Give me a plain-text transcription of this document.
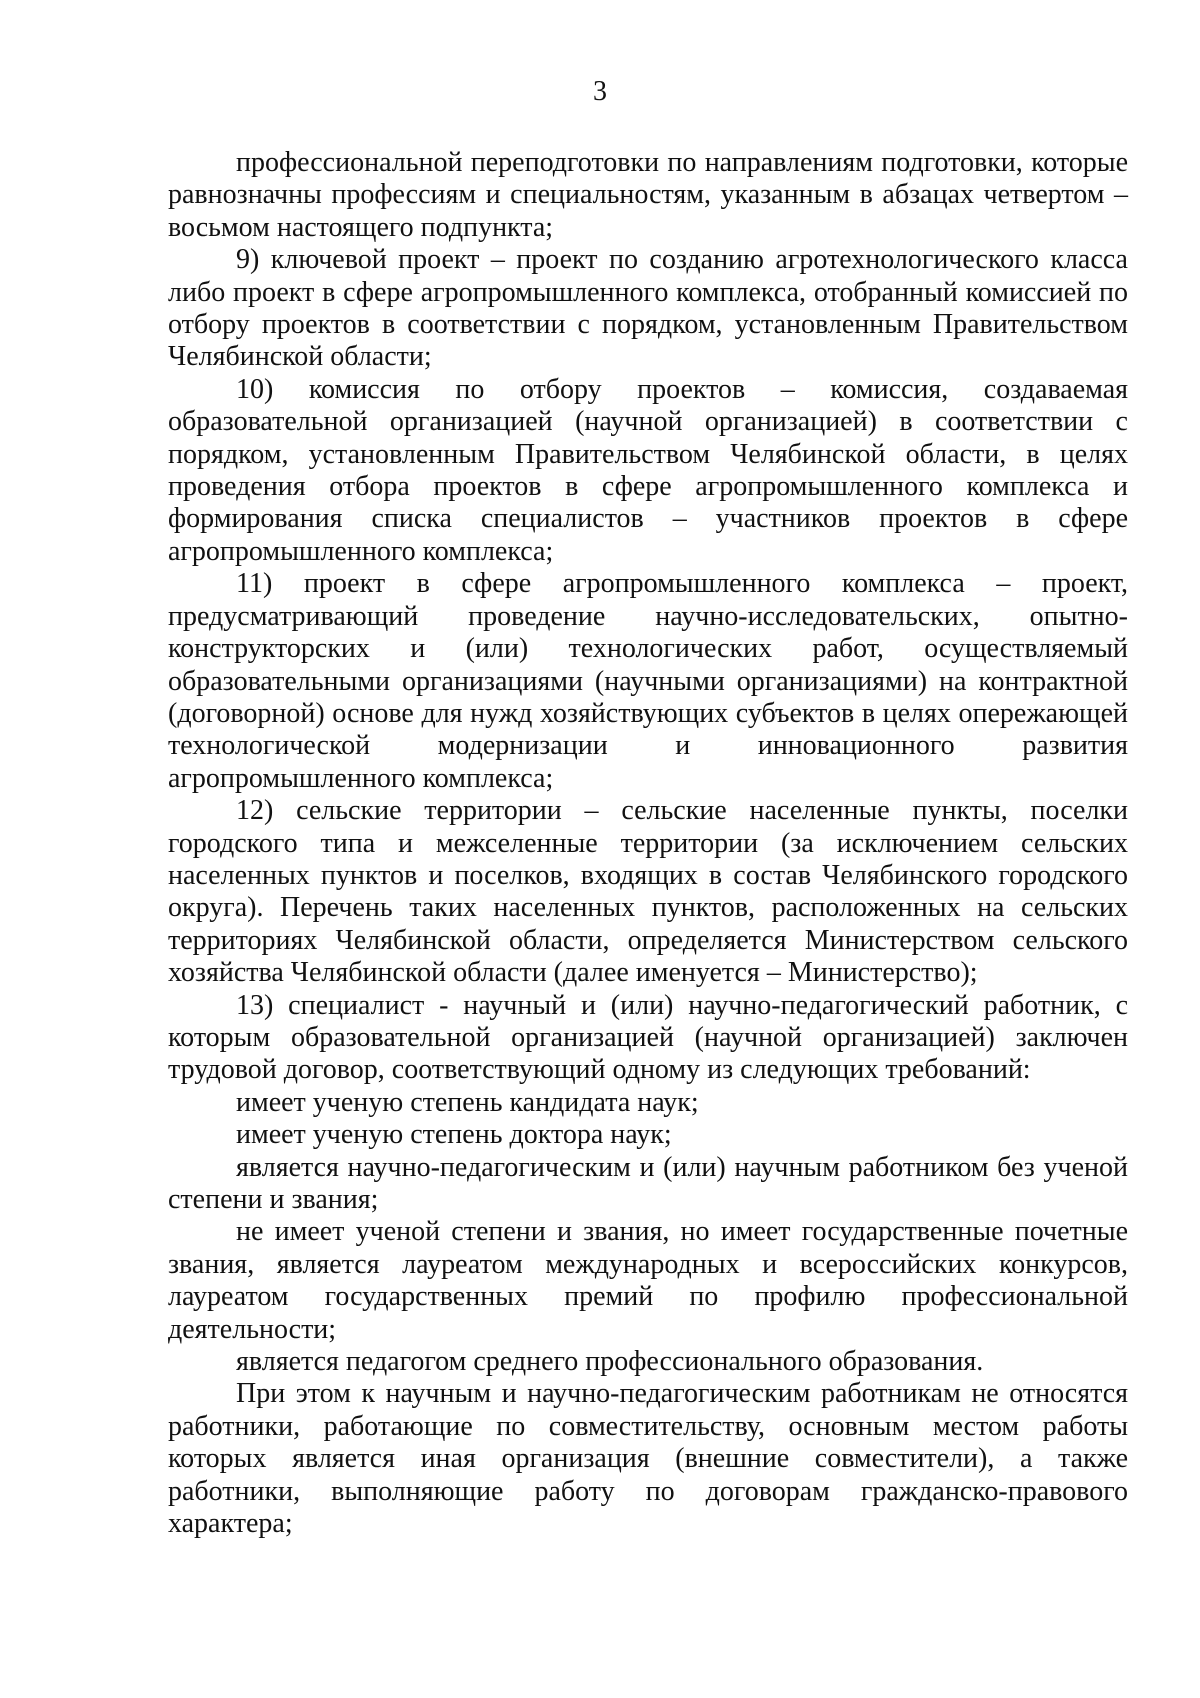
3

профессиональной переподготовки по направлениям подготовки, которые равнозначны профессиям и специальностям, указанным в абзацах четвертом – восьмом настоящего подпункта;

9) ключевой проект – проект по созданию агротехнологического класса либо проект в сфере агропромышленного комплекса, отобранный комиссией по отбору проектов в соответствии с порядком, установленным Правительством Челябинской области;

10) комиссия по отбору проектов – комиссия, создаваемая образовательной организацией (научной организацией) в соответствии с порядком, установленным Правительством Челябинской области, в целях проведения отбора проектов в сфере агропромышленного комплекса и формирования списка специалистов – участников проектов в сфере агропромышленного комплекса;

11) проект в сфере агропромышленного комплекса – проект, предусматривающий проведение научно-исследовательских, опытно-конструкторских и (или) технологических работ, осуществляемый образовательными организациями (научными организациями) на контрактной (договорной) основе для нужд хозяйствующих субъектов в целях опережающей технологической модернизации и инновационного развития агропромышленного комплекса;

12) сельские территории – сельские населенные пункты, поселки городского типа и межселенные территории (за исключением сельских населенных пунктов и поселков, входящих в состав Челябинского городского округа). Перечень таких населенных пунктов, расположенных на сельских территориях Челябинской области, определяется Министерством сельского хозяйства Челябинской области (далее именуется – Министерство);

13) специалист - научный и (или) научно-педагогический работник, с которым образовательной организацией (научной организацией) заключен трудовой договор, соответствующий одному из следующих требований:

имеет ученую степень кандидата наук;

имеет ученую степень доктора наук;

является научно-педагогическим и (или) научным работником без ученой степени и звания;

не имеет ученой степени и звания, но имеет государственные почетные звания, является лауреатом международных и всероссийских конкурсов, лауреатом государственных премий по профилю профессиональной деятельности;

является педагогом среднего профессионального образования.

При этом к научным и научно-педагогическим работникам не относятся работники, работающие по совместительству, основным местом работы которых является иная организация (внешние совместители), а также работники, выполняющие работу по договорам гражданско-правового характера;
